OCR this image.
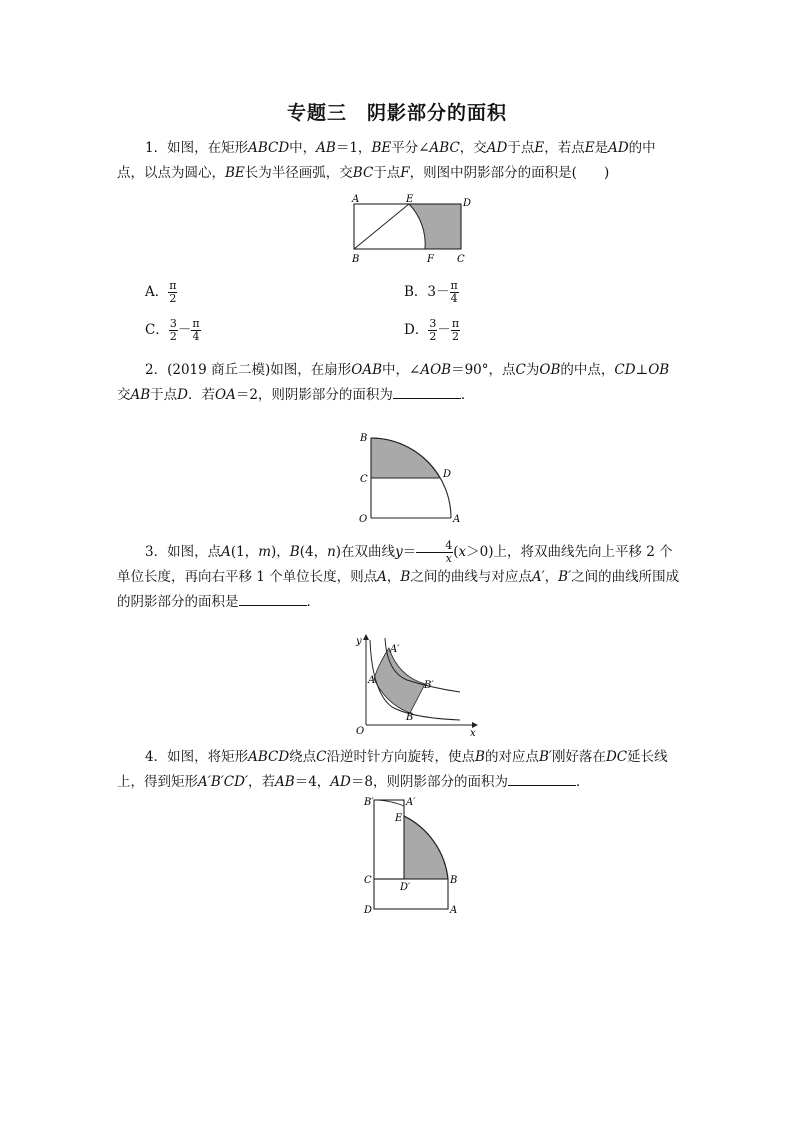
专题三　阴影部分的面积
1．如图，在矩形ABCD中，AB＝1，BE平分∠ABC，交AD于点E，若点E是AD的中点，以点为圆心，BE长为半径画弧，交BC于点F，则图中阴影部分的面积是(　　)
A	E	D
B	F C
A． $\frac{\pi}{2}$	B．$3- \frac{\pi}{4}$
C． $\frac{3}{2} - \frac{\pi}{4}$	D． $\frac{3}{2} - \frac{\pi}{2}$
2．(2019 商丘二模)如图，在扇形OAB中，∠AOB＝90°，点C为OB的中点，CD⊥OB交AB于点D．若OA＝2，则阴影部分的面积为	．
B
D
C
O	A
3．如图，点A(1，m)，B(4，n)在双曲线$y= \frac{4}{x} (x>0)$上，将双曲线先向上平移 2 个单位长度，再向右平移 1 个单位长度，则点A，B之间的曲线与对应点A′，B′之间的曲线所围成的阴影部分的面积是	．
y
A′
A	B′
B
O	x
4．如图，将矩形ABCD绕点C沿逆时针方向旋转，使点B的对应点B′刚好落在DC延长线上，得到矩形A′B′CD′，若AB＝4，AD＝8，则阴影部分的面积为	．
B′	A′
E
C
D′
B
D	A
